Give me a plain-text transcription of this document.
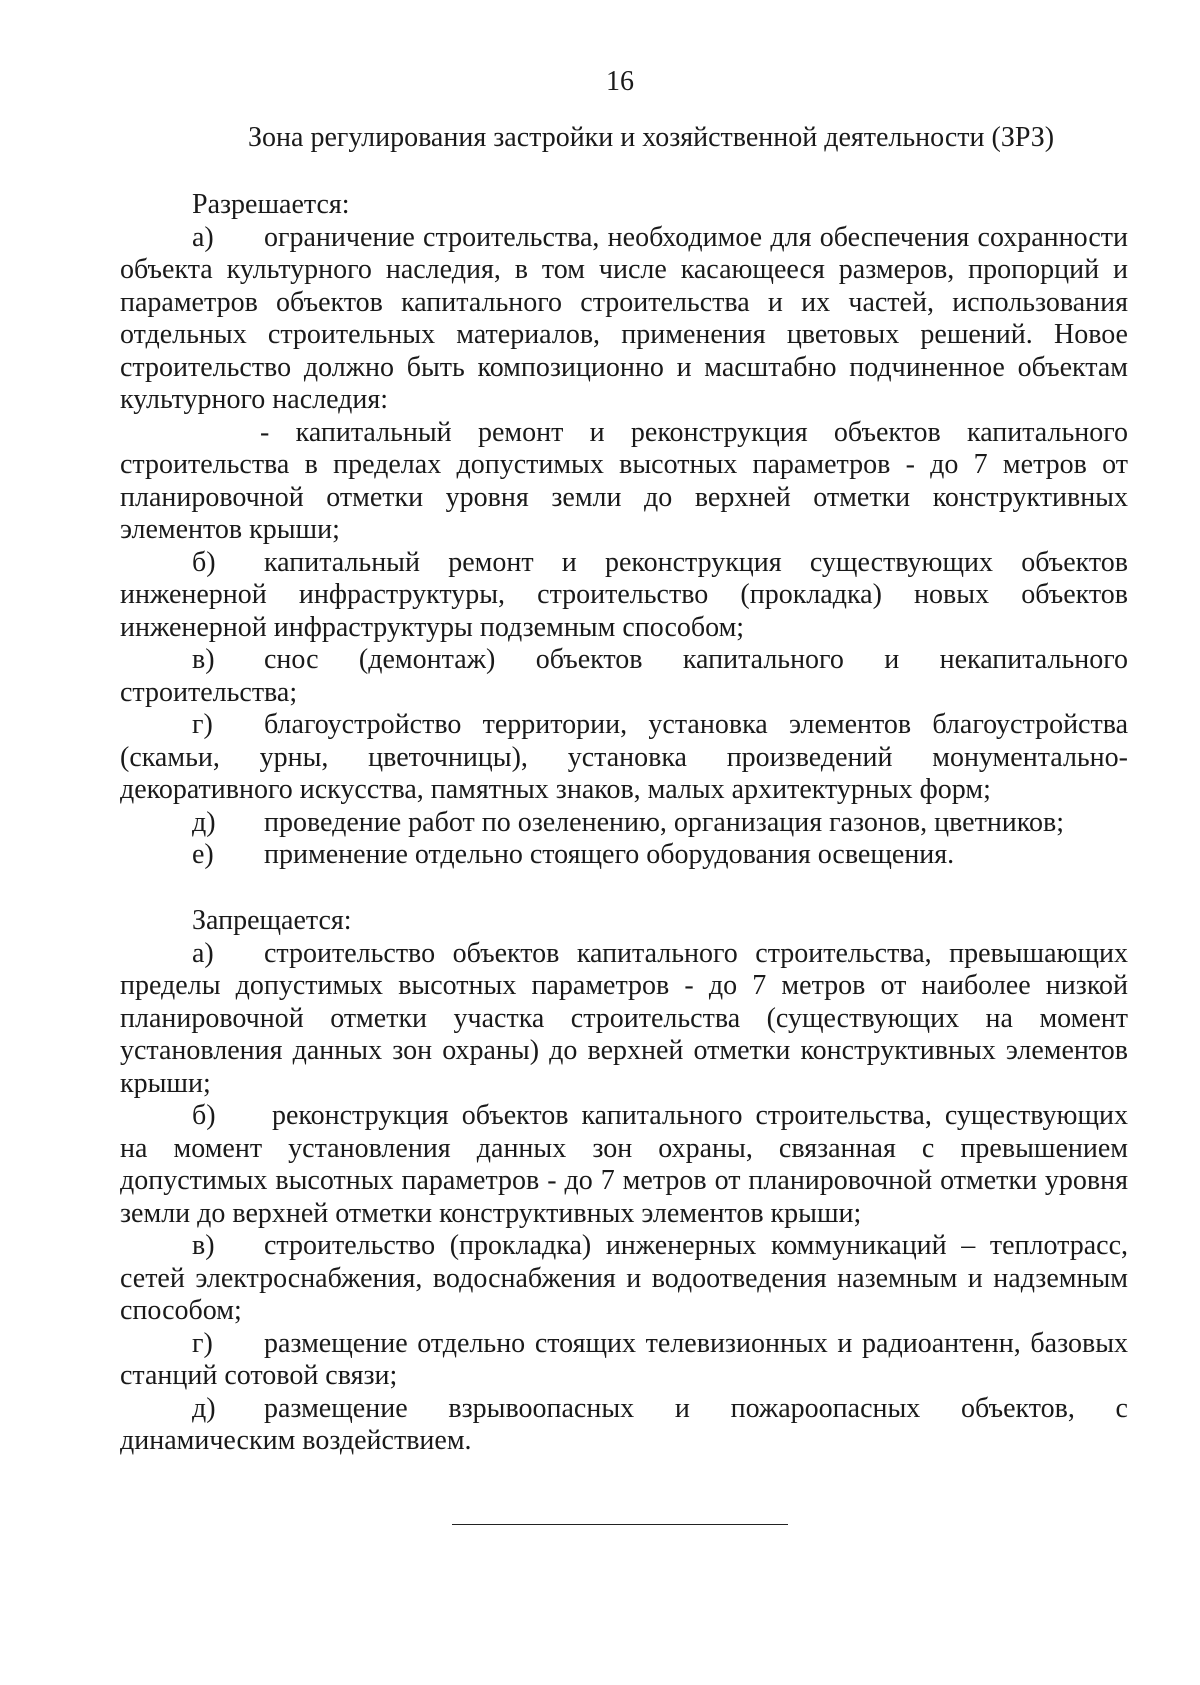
16
Зона регулирования застройки и хозяйственной деятельности (ЗРЗ)
Разрешается:

а) ограничение строительства, необходимое для обеспечения сохранности объекта культурного наследия, в том числе касающееся размеров, пропорций и параметров объектов капитального строительства и их частей, использования отдельных строительных материалов, применения цветовых решений. Новое строительство должно быть композиционно и масштабно подчиненное объектам культурного наследия:

- капитальный ремонт и реконструкция объектов капитального строительства в пределах допустимых высотных параметров - до 7 метров от планировочной отметки уровня земли до верхней отметки конструктивных элементов крыши;

б) капитальный ремонт и реконструкция существующих объектов инженерной инфраструктуры, строительство (прокладка) новых объектов инженерной инфраструктуры подземным способом;

в) снос (демонтаж) объектов капитального и некапитального строительства;

г) благоустройство территории, установка элементов благоустройства (скамьи, урны, цветочницы), установка произведений монументально-декоративного искусства, памятных знаков, малых архитектурных форм;

д) проведение работ по озеленению, организация газонов, цветников;

е) применение отдельно стоящего оборудования освещения.

Запрещается:

а) строительство объектов капитального строительства, превышающих пределы допустимых высотных параметров - до 7 метров от наиболее низкой планировочной отметки участка строительства (существующих на момент установления данных зон охраны) до верхней отметки конструктивных элементов крыши;

б) реконструкция объектов капитального строительства, существующих на момент установления данных зон охраны, связанная с превышением допустимых высотных параметров - до 7 метров от планировочной отметки уровня земли до верхней отметки конструктивных элементов крыши;

в) строительство (прокладка) инженерных коммуникаций – теплотрасс, сетей электроснабжения, водоснабжения и водоотведения наземным и надземным способом;

г) размещение отдельно стоящих телевизионных и радиоантенн, базовых станций сотовой связи;

д) размещение взрывоопасных и пожароопасных объектов, с динамическим воздействием.
